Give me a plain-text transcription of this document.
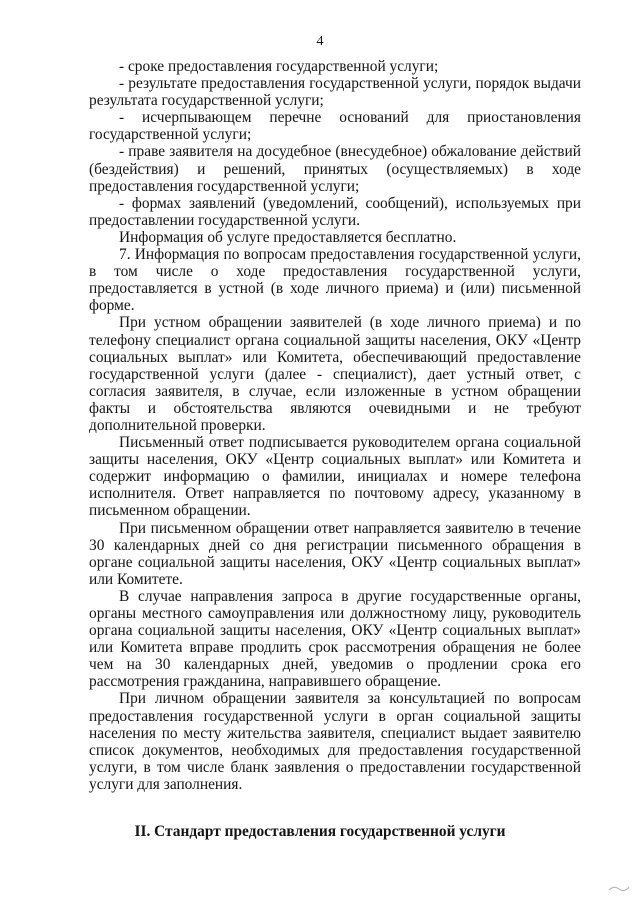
4

- сроке предоставления государственной услуги;

- результате предоставления государственной услуги, порядок выдачи результата государственной услуги;

- исчерпывающем перечне оснований для приостановления государственной услуги;

- праве заявителя на досудебное (внесудебное) обжалование действий (бездействия) и решений, принятых (осуществляемых) в ходе предоставления государственной услуги;

- формах заявлений (уведомлений, сообщений), используемых при предоставлении государственной услуги.

Информация об услуге предоставляется бесплатно.

7. Информация по вопросам предоставления государственной услуги, в том числе о ходе предоставления государственной услуги, предоставляется в устной (в ходе личного приема) и (или) письменной форме.

При устном обращении заявителей (в ходе личного приема) и по телефону специалист органа социальной защиты населения, ОКУ «Центр социальных выплат» или Комитета, обеспечивающий предоставление государственной услуги (далее - специалист), дает устный ответ, с согласия заявителя, в случае, если изложенные в устном обращении факты и обстоятельства являются очевидными и не требуют дополнительной проверки.

Письменный ответ подписывается руководителем органа социальной защиты населения, ОКУ «Центр социальных выплат» или Комитета и содержит информацию о фамилии, инициалах и номере телефона исполнителя. Ответ направляется по почтовому адресу, указанному в письменном обращении.

При письменном обращении ответ направляется заявителю в течение 30 календарных дней со дня регистрации письменного обращения в органе социальной защиты населения, ОКУ «Центр социальных выплат» или Комитете.

В случае направления запроса в другие государственные органы, органы местного самоуправления или должностному лицу, руководитель органа социальной защиты населения, ОКУ «Центр социальных выплат» или Комитета вправе продлить срок рассмотрения обращения не более чем на 30 календарных дней, уведомив о продлении срока его рассмотрения гражданина, направившего обращение.

При личном обращении заявителя за консультацией по вопросам предоставления государственной услуги в орган социальной защиты населения по месту жительства заявителя, специалист выдает заявителю список документов, необходимых для предоставления государственной услуги, в том числе бланк заявления о предоставлении государственной услуги для заполнения.

II. Стандарт предоставления государственной услуги
